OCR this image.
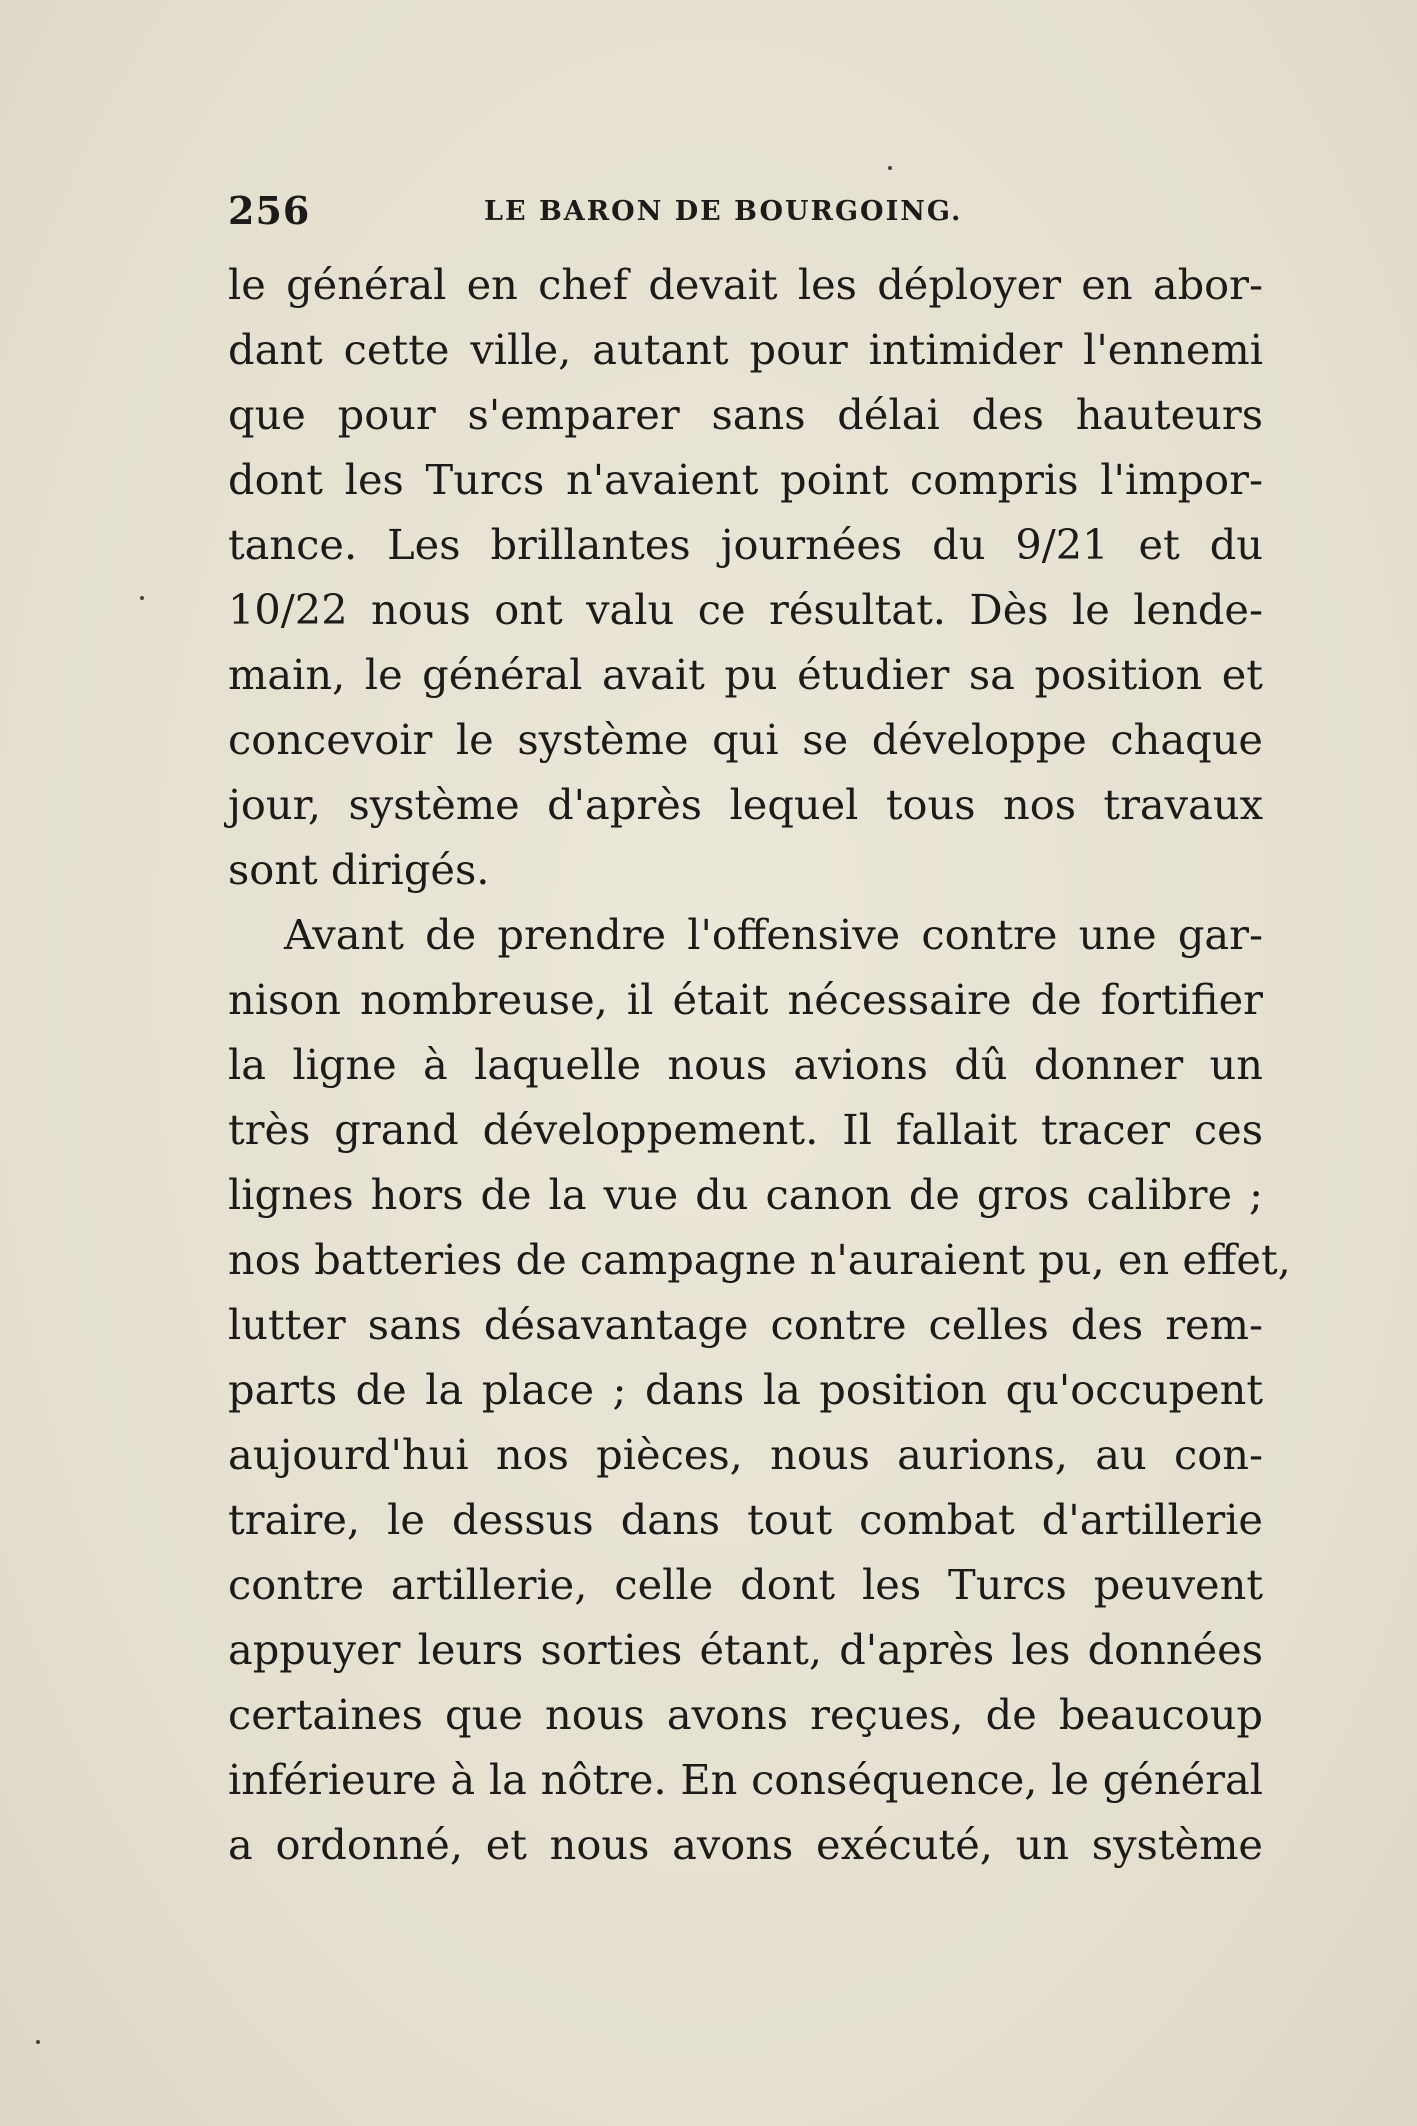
256	LE BARON DE BOURGOING.
le général en chef devait les déployer en abor-
dant cette ville, autant pour intimider l'ennemi
que pour s'emparer sans délai des hauteurs
dont les Turcs n'avaient point compris l'impor-
tance. Les brillantes journées du 9/21 et du
10/22 nous ont valu ce résultat. Dès le lende-
main, le général avait pu étudier sa position et
concevoir le système qui se développe chaque
jour, système d'après lequel tous nos travaux
sont dirigés.
Avant de prendre l'offensive contre une gar-
nison nombreuse, il était nécessaire de fortifier
la ligne à laquelle nous avions dû donner un
très grand développement. Il fallait tracer ces
lignes hors de la vue du canon de gros calibre ;
nos batteries de campagne n'auraient pu, en effet,
lutter sans désavantage contre celles des rem-
parts de la place ; dans la position qu'occupent
aujourd'hui nos pièces, nous aurions, au con-
traire, le dessus dans tout combat d'artillerie
contre artillerie, celle dont les Turcs peuvent
appuyer leurs sorties étant, d'après les données
certaines que nous avons reçues, de beaucoup
inférieure à la nôtre. En conséquence, le général
a ordonné, et nous avons exécuté, un système
